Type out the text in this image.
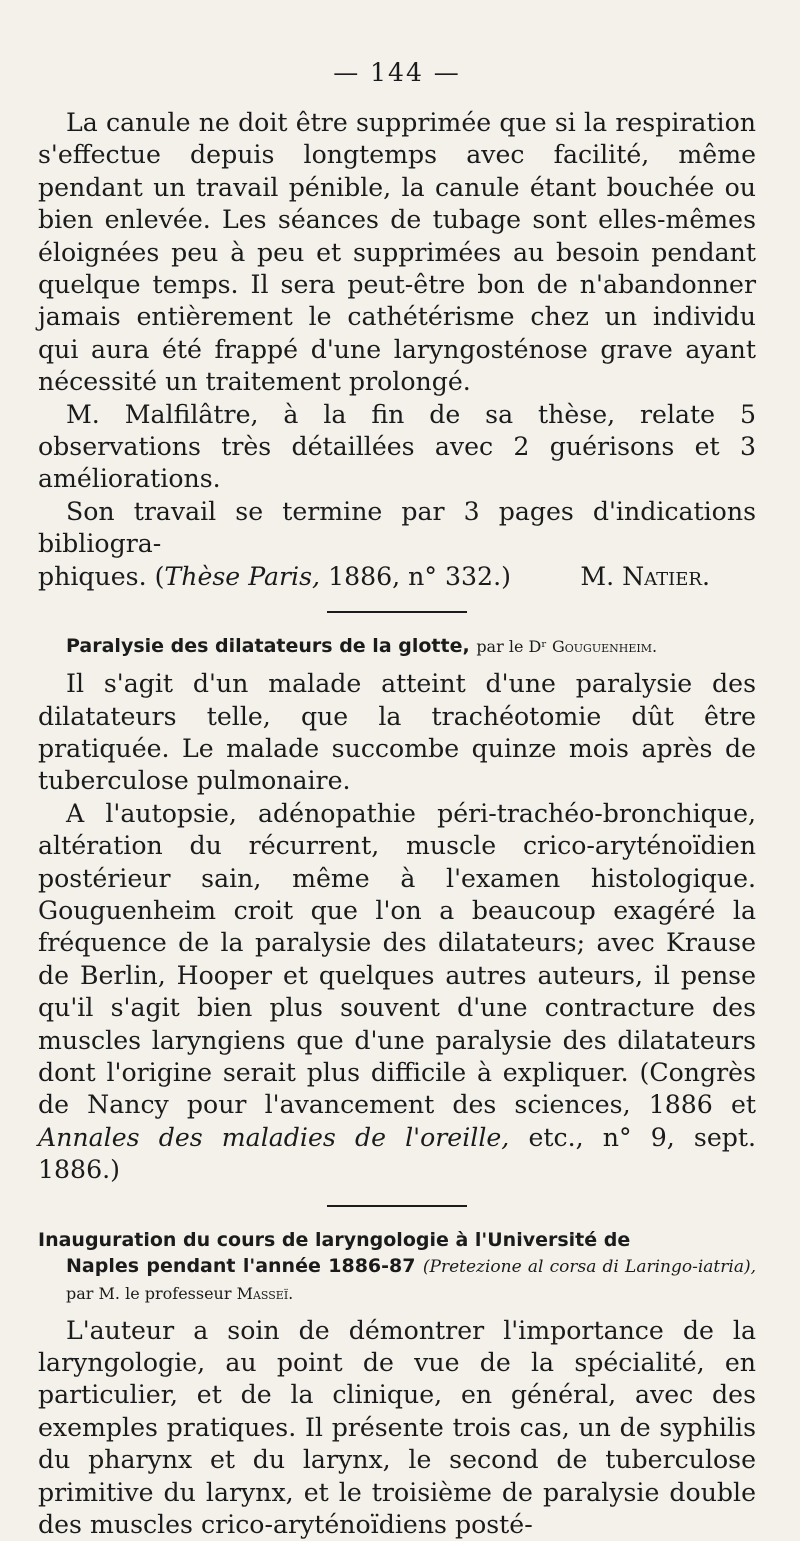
— 144 —

La canule ne doit être supprimée que si la respiration s'effectue depuis longtemps avec facilité, même pendant un travail pénible, la canule étant bouchée ou bien enlevée. Les séances de tubage sont elles-mêmes éloignées peu à peu et supprimées au besoin pendant quelque temps. Il sera peut-être bon de n'abandonner jamais entièrement le cathétérisme chez un individu qui aura été frappé d'une laryngosténose grave ayant nécessité un traitement prolongé.

M. Malfilâtre, à la fin de sa thèse, relate 5 observations très détaillées avec 2 guérisons et 3 améliorations.

Son travail se termine par 3 pages d'indications bibliogra-

phiques. (Thèse Paris, 1886, n° 332.)	M. Natier.
Paralysie des dilatateurs de la glotte, par le Dʳ Gouguenheim.

Il s'agit d'un malade atteint d'une paralysie des dilatateurs telle, que la trachéotomie dût être pratiquée. Le malade succombe quinze mois après de tuberculose pulmonaire.

A l'autopsie, adénopathie péri-trachéo-bronchique, altération du récurrent, muscle crico-aryténoïdien postérieur sain, même à l'examen histologique. Gouguenheim croit que l'on a beaucoup exagéré la fréquence de la paralysie des dilatateurs; avec Krause de Berlin, Hooper et quelques autres auteurs, il pense qu'il s'agit bien plus souvent d'une contracture des muscles laryngiens que d'une paralysie des dilatateurs dont l'origine serait plus difficile à expliquer. (Congrès de Nancy pour l'avancement des sciences, 1886 et Annales des maladies de l'oreille, etc., n° 9, sept. 1886.)

Inauguration du cours de laryngologie à l'Université de
Naples pendant l'année 1886-87 (Pretezione al corsa di Laringo-iatria), par M. le professeur Masseï.

L'auteur a soin de démontrer l'importance de la laryngologie, au point de vue de la spécialité, en particulier, et de la clinique, en général, avec des exemples pratiques. Il présente trois cas, un de syphilis du pharynx et du larynx, le second de tuberculose primitive du larynx, et le troisième de paralysie double des muscles crico-aryténoïdiens posté-
